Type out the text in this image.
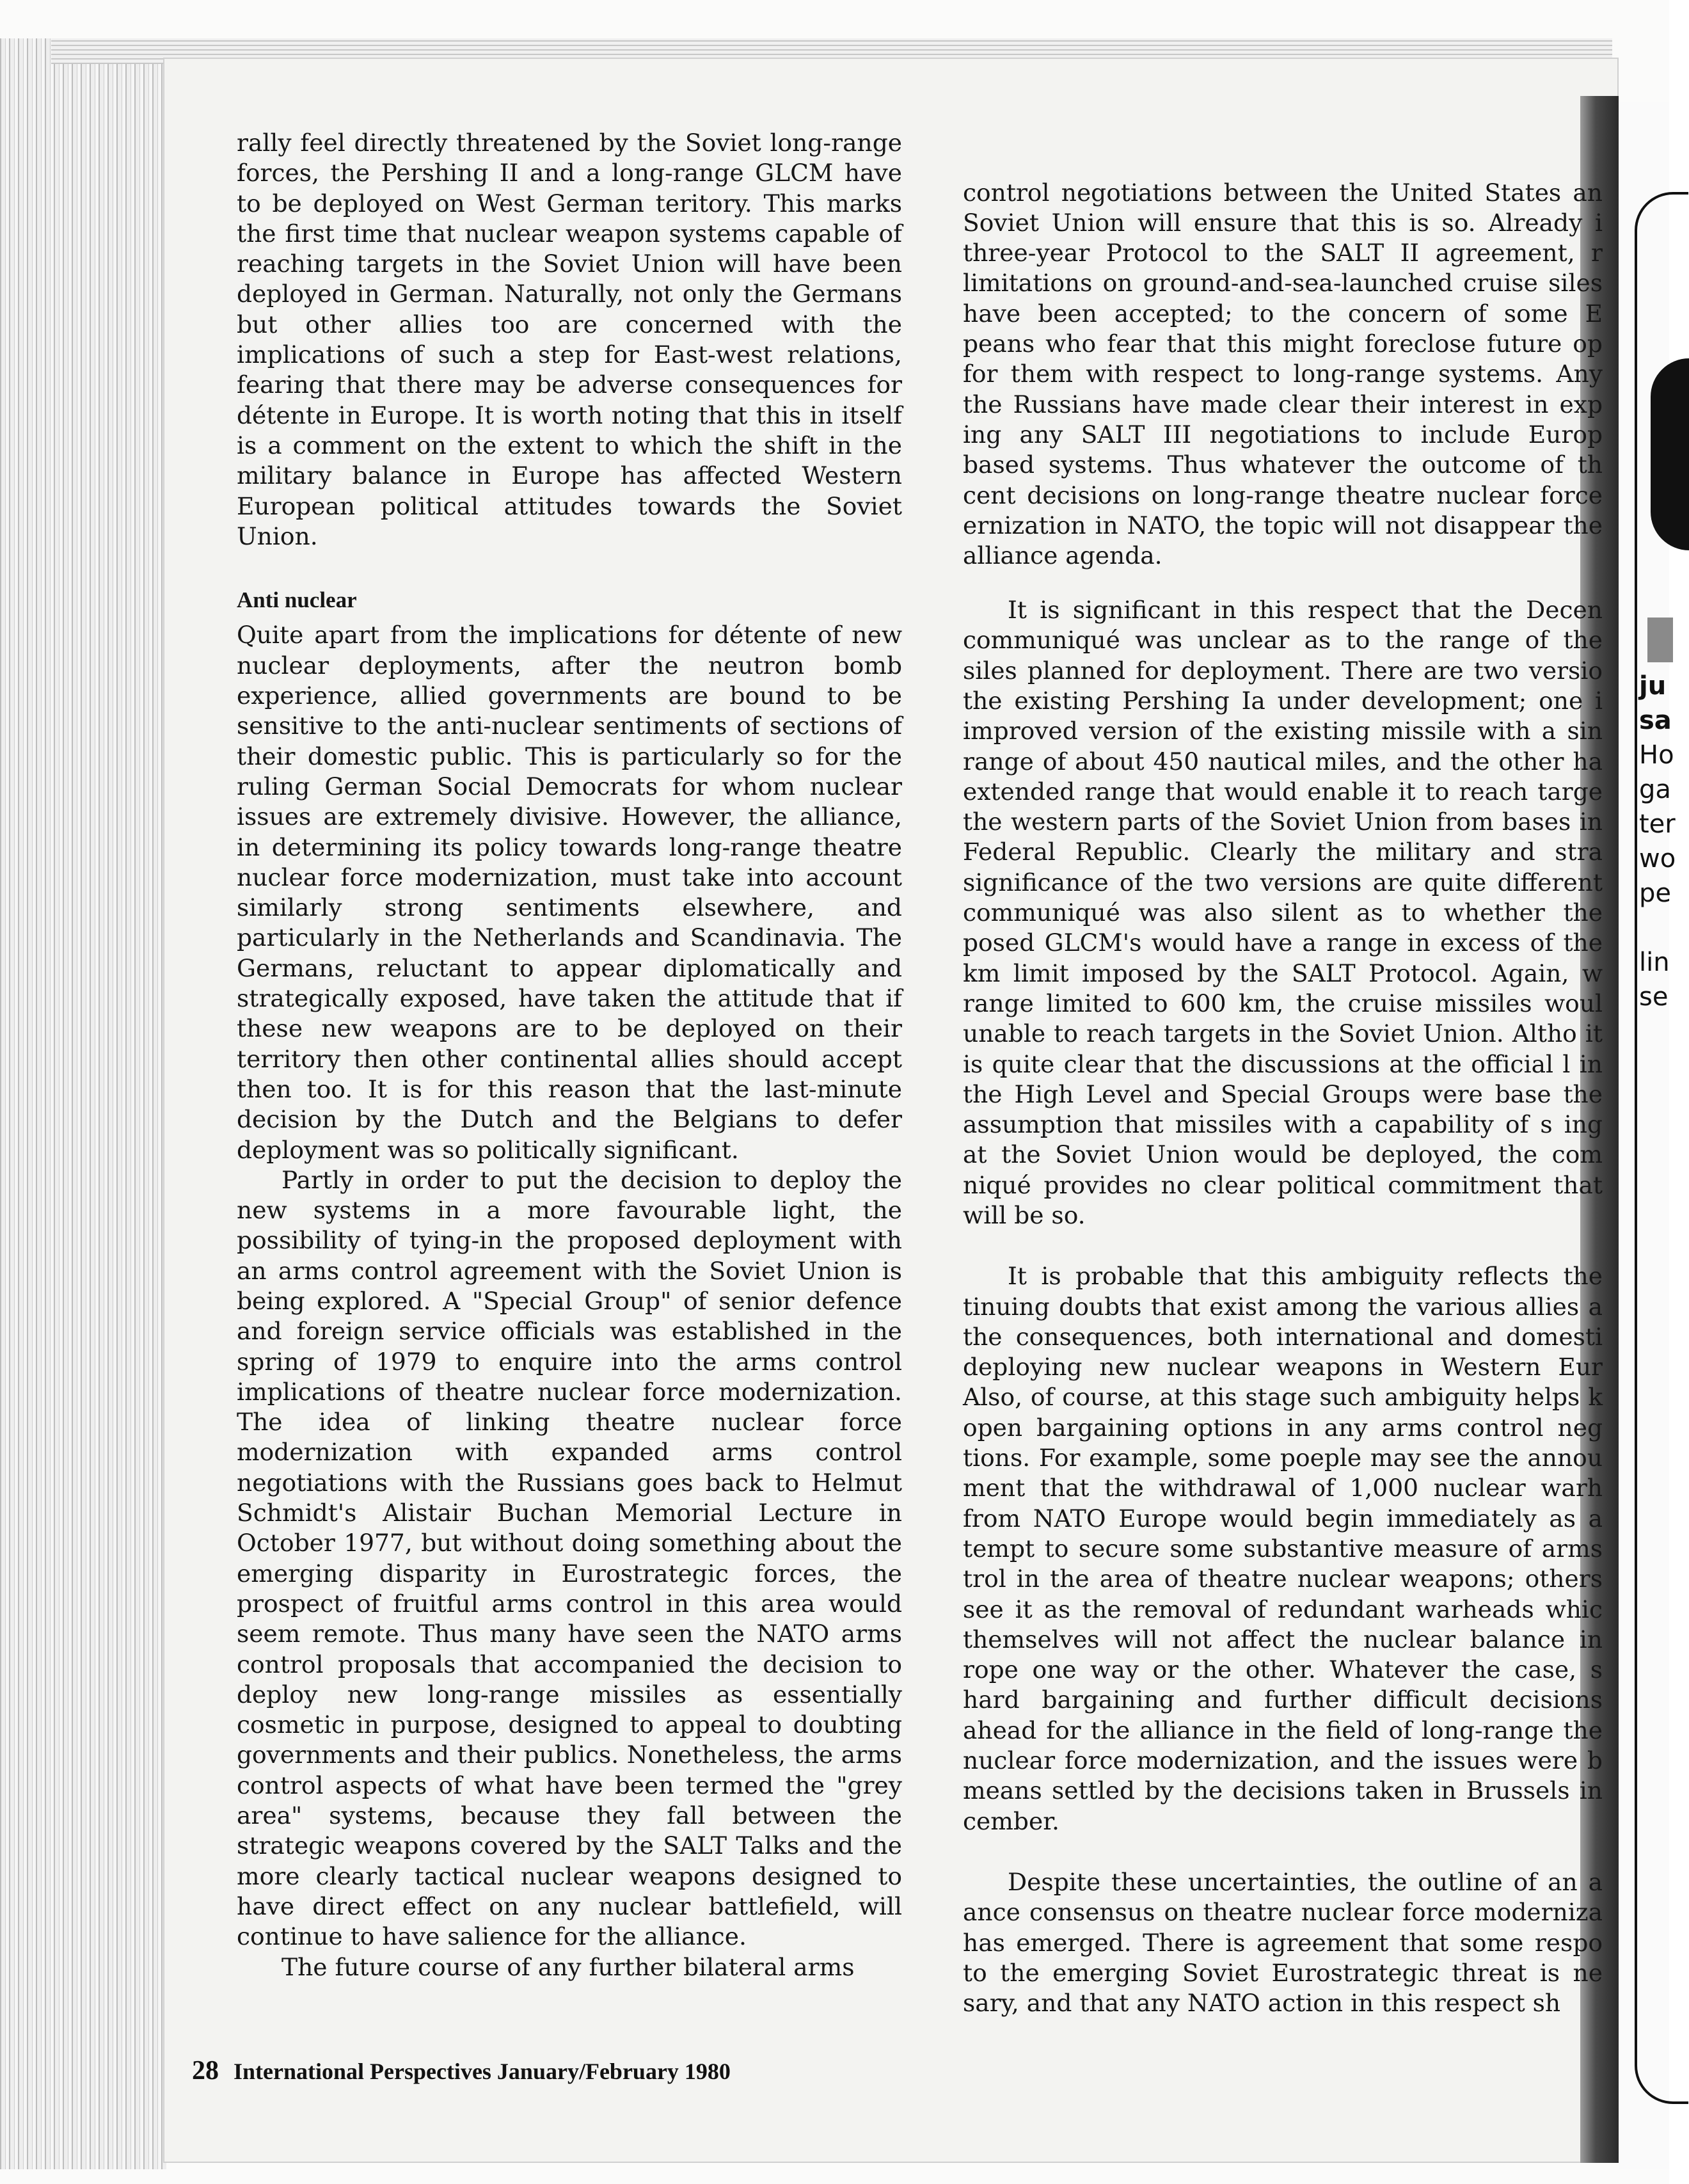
ju
sa
Ho
ga
ter
wo
pe

lin
se

rally feel directly threatened by the Soviet long-range forces, the Pershing II and a long-range GLCM have to be deployed on West German teritory. This marks the first time that nuclear weapon systems capable of reaching targets in the Soviet Union will have been deployed in German. Naturally, not only the Germans but other allies too are concerned with the implications of such a step for East-west relations, fearing that there may be adverse consequences for détente in Europe. It is worth noting that this in itself is a comment on the extent to which the shift in the military balance in Europe has affected Western European political attitudes towards the Soviet Union.

Anti nuclear

Quite apart from the implications for détente of new nuclear deployments, after the neutron bomb experience, allied governments are bound to be sensitive to the anti-nuclear sentiments of sections of their domestic public. This is particularly so for the ruling German Social Democrats for whom nuclear issues are extremely divisive. However, the alliance, in determining its policy towards long-range theatre nuclear force modernization, must take into account similarly strong sentiments elsewhere, and particularly in the Netherlands and Scandinavia. The Germans, reluctant to appear diplomatically and strategically exposed, have taken the attitude that if these new weapons are to be deployed on their territory then other continental allies should accept then too. It is for this reason that the last-minute decision by the Dutch and the Belgians to defer deployment was so politically significant.

Partly in order to put the decision to deploy the new systems in a more favourable light, the possibility of tying-in the proposed deployment with an arms control agreement with the Soviet Union is being explored. A "Special Group" of senior defence and foreign service officials was established in the spring of 1979 to enquire into the arms control implications of theatre nuclear force modernization. The idea of linking theatre nuclear force modernization with expanded arms control negotiations with the Russians goes back to Helmut Schmidt's Alistair Buchan Memorial Lecture in October 1977, but without doing something about the emerging disparity in Eurostrategic forces, the prospect of fruitful arms control in this area would seem remote. Thus many have seen the NATO arms control proposals that accompanied the decision to deploy new long-range missiles as essentially cosmetic in purpose, designed to appeal to doubting governments and their publics. Nonetheless, the arms control aspects of what have been termed the "grey area" systems, because they fall between the strategic weapons covered by the SALT Talks and the more clearly tactical nuclear weapons designed to have direct effect on any nuclear battlefield, will continue to have salience for the alliance.

The future course of any further bilateral arms

control negotiations between the United States an Soviet Union will ensure that this is so. Already i three-year Protocol to the SALT II agreement, r limitations on ground-and-sea-launched cruise siles have been accepted; to the concern of some E peans who fear that this might foreclose future op for them with respect to long-range systems. Any the Russians have made clear their interest in exp ing any SALT III negotiations to include Europ based systems. Thus whatever the outcome of th cent decisions on long-range theatre nuclear force ernization in NATO, the topic will not disappear the alliance agenda.

It is significant in this respect that the Decen communiqué was unclear as to the range of the siles planned for deployment. There are two versio the existing Pershing Ia under development; one i improved version of the existing missile with a sin range of about 450 nautical miles, and the other ha extended range that would enable it to reach targe the western parts of the Soviet Union from bases in Federal Republic. Clearly the military and stra significance of the two versions are quite different communiqué was also silent as to whether the posed GLCM's would have a range in excess of the km limit imposed by the SALT Protocol. Again, w range limited to 600 km, the cruise missiles woul unable to reach targets in the Soviet Union. Altho it is quite clear that the discussions at the official l in the High Level and Special Groups were base the assumption that missiles with a capability of s ing at the Soviet Union would be deployed, the com niqué provides no clear political commitment that will be so.

It is probable that this ambiguity reflects the tinuing doubts that exist among the various allies a the consequences, both international and domesti deploying new nuclear weapons in Western Eur Also, of course, at this stage such ambiguity helps k open bargaining options in any arms control neg tions. For example, some poeple may see the annou ment that the withdrawal of 1,000 nuclear warh from NATO Europe would begin immediately as a tempt to secure some substantive measure of arms trol in the area of theatre nuclear weapons; others see it as the removal of redundant warheads whic themselves will not affect the nuclear balance in rope one way or the other. Whatever the case, s hard bargaining and further difficult decisions ahead for the alliance in the field of long-range the nuclear force modernization, and the issues were b means settled by the decisions taken in Brussels in cember.

Despite these uncertainties, the outline of an a ance consensus on theatre nuclear force moderniza has emerged. There is agreement that some respo to the emerging Soviet Eurostrategic threat is ne sary, and that any NATO action in this respect sh

28 International Perspectives January/February 1980
